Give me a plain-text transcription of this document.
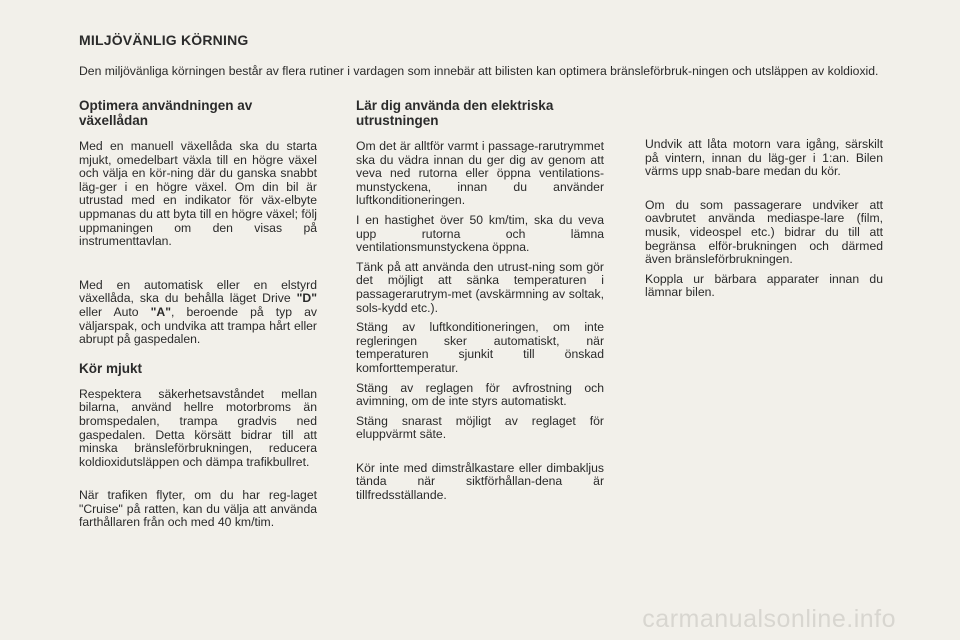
MILJÖVÄNLIG KÖRNING
Den miljövänliga körningen består av flera rutiner i vardagen som innebär att bilisten kan optimera bränsleförbruk-ningen och utsläppen av koldioxid.
Optimera användningen av växellådan

Med en manuell växellåda ska du starta mjukt, omedelbart växla till en högre växel och välja en kör-ning där du ganska snabbt läg-ger i en högre växel. Om din bil är utrustad med en indikator för väx-elbyte uppmanas du att byta till en högre växel; följ uppmaningen om den visas på instrumenttavlan.

Med en automatisk eller en elstyrd växellåda, ska du behålla läget Drive "D" eller Auto "A", beroende på typ av väljarspak, och undvika att trampa hårt eller abrupt på gaspedalen.

Kör mjukt

Respektera säkerhetsavståndet mellan bilarna, använd hellre motorbroms än bromspedalen, trampa gradvis ned gaspedalen. Detta körsätt bidrar till att minska bränsleförbrukningen, reducera koldioxidutsläppen och dämpa trafikbullret.

När trafiken flyter, om du har reg-laget "Cruise" på ratten, kan du välja att använda farthållaren från och med 40 km/tim.

Lär dig använda den elektriska utrustningen

Om det är alltför varmt i passage-rarutrymmet ska du vädra innan du ger dig av genom att veva ned rutorna eller öppna ventilations-munstyckena, innan du använder luftkonditioneringen.

I en hastighet över 50 km/tim, ska du veva upp rutorna och lämna ventilationsmunstyckena öppna.

Tänk på att använda den utrust-ning som gör det möjligt att sänka temperaturen i passagerarutrym-met (avskärmning av soltak, sols-kydd etc.).

Stäng av luftkonditioneringen, om inte regleringen sker automatiskt, när temperaturen sjunkit till önskad komforttemperatur.

Stäng av reglagen för avfrostning och avimning, om de inte styrs automatiskt.

Stäng snarast möjligt av reglaget för eluppvärmt säte.

Kör inte med dimstrålkastare eller dimbakljus tända när siktförhållan-dena är tillfredsställande.

Undvik att låta motorn vara igång, särskilt på vintern, innan du läg-ger i 1:an. Bilen värms upp snab-bare medan du kör.

Om du som passagerare undviker att oavbrutet använda mediaspe-lare (film, musik, videospel etc.) bidrar du till att begränsa elför-brukningen och därmed även bränsleförbrukningen.

Koppla ur bärbara apparater innan du lämnar bilen.

carmanualsonline.info
